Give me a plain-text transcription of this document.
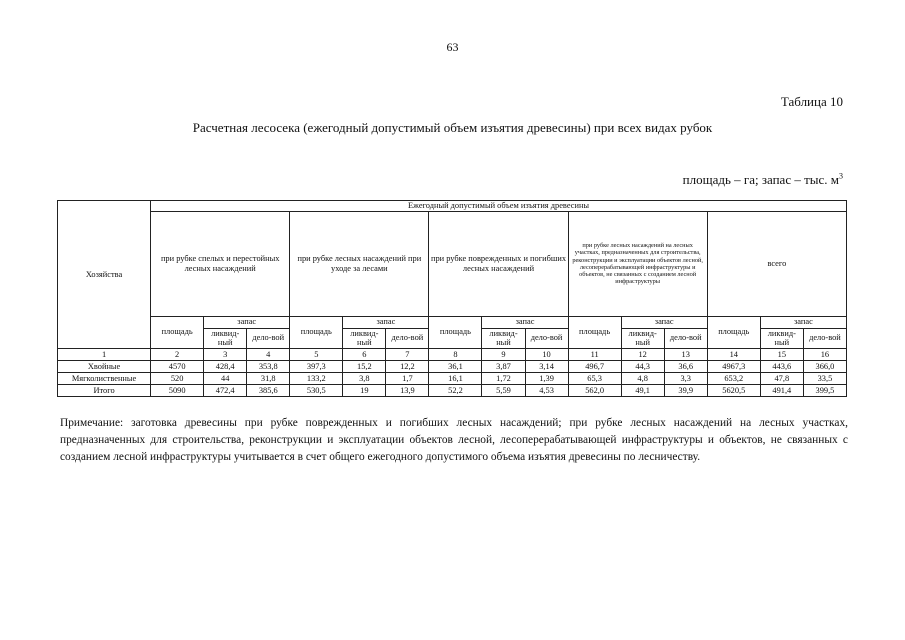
63
Таблица 10
Расчетная лесосека (ежегодный допустимый объем изъятия древесины) при всех видах рубок
площадь – га; запас – тыс. $м^3$
Хозяйства	Ежегодный допустимый объем изъятия древесины														
	при рубке спелых и перестойных лесных насаждений			при рубке лесных насаждений при уходе за лесами			при рубке поврежденных и погибших лесных насаждений			при рубке лесных насаждений на лесных участках, предназначенных для строительства, реконструкции и эксплуатации объектов лесной, лесоперерабатывающей инфраструктуры и объектов, не связанных с созданием лесной инфраструктуры			всего		
	площадь	запас		площадь	запас		площадь	запас		площадь	запас		площадь	запас	
		ликвид-ный	дело-вой		ликвид-ный	дело-вой		ликвид-ный	дело-вой		ликвид-ный	дело-вой		ликвид-ный	дело-вой
1	2	3	4	5	6	7	8	9	10	11	12	13	14	15	16
Хвойные	4570	428,4	353,8	397,3	15,2	12,2	36,1	3,87	3,14	496,7	44,3	36,6	4967,3	443,6	366,0
Мягколиственные	520	44	31,8	133,2	3,8	1,7	16,1	1,72	1,39	65,3	4,8	3,3	653,2	47,8	33,5
Итого	5090	472,4	385,6	530,5	19	13,9	52,2	5,59	4,53	562,0	49,1	39,9	5620,5	491,4	399,5
Примечание: заготовка древесины при рубке поврежденных и погибших лесных насаждений; при рубке лесных насаждений на лесных участках, предназначенных для строительства, реконструкции и эксплуатации объектов лесной, лесоперерабатывающей инфраструктуры и объектов, не связанных с созданием лесной инфраструктуры учитывается в счет общего ежегодного допустимого объема изъятия древесины по лесничеству.
